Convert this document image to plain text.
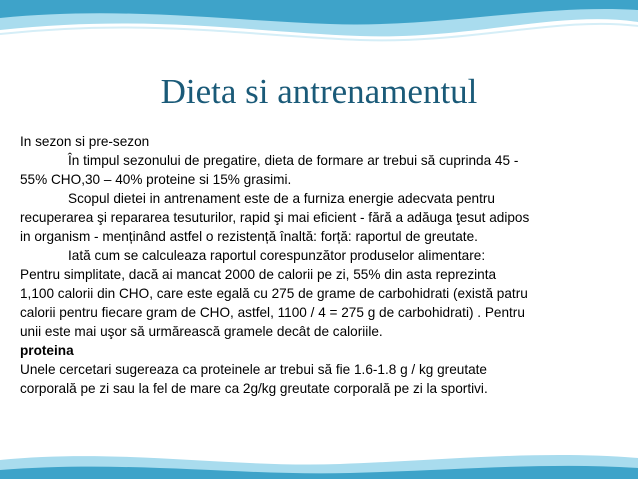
Dieta si antrenamentul
In sezon si pre-sezon
În timpul sezonului de pregatire, dieta de formare ar trebui să cuprinda 45 -
55% CHO,30 – 40% proteine si 15% grasimi.
Scopul dietei in antrenament este de a furniza energie adecvata pentru
recuperarea şi repararea tesuturilor, rapid şi mai eficient - fără a adăuga ţesut adipos
in organism - menținând astfel o rezistență înaltă: forță: raportul de greutate.
Iată cum se calculeaza raportul corespunzător produselor alimentare:
Pentru simplitate, dacă ai mancat 2000 de calorii pe zi, 55% din asta reprezinta
1,100 calorii din CHO, care este egală cu 275 de grame de carbohidrati (există patru
calorii pentru fiecare gram de CHO, astfel, 1100 / 4 = 275 g de carbohidrati) . Pentru
unii este mai uşor să urmărească gramele decât de caloriile.
proteina
Unele cercetari sugereaza ca proteinele ar trebui să fie 1.6-1.8 g / kg greutate
corporală pe zi sau la fel de mare ca 2g/kg greutate corporală pe zi la sportivi.
